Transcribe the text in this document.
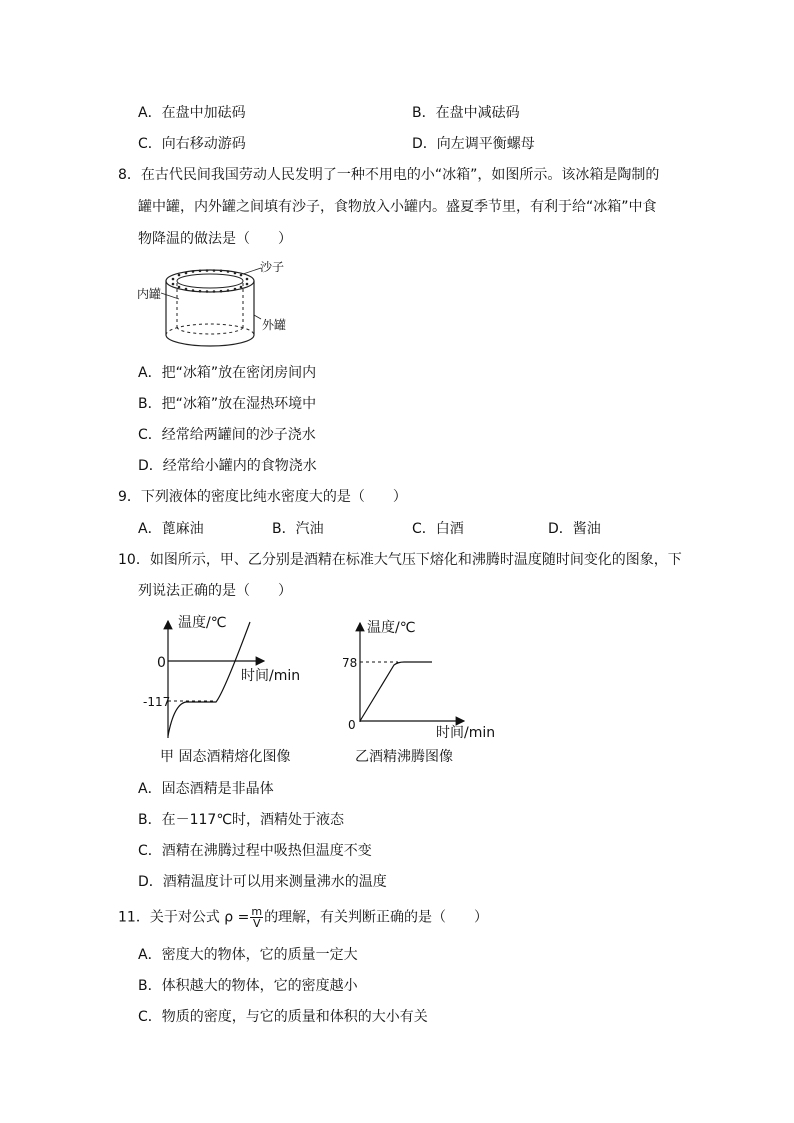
A．在盘中加砝码	B．在盘中减砝码
C．向右移动游码	D．向左调平衡螺母
8．在古代民间我国劳动人民发明了一种不用电的小“冰箱”，如图所示。该冰箱是陶制的
罐中罐，内外罐之间填有沙子，食物放入小罐内。盛夏季节里，有利于给“冰箱”中食
物降温的做法是（　　）
沙子
内罐
外罐
A．把“冰箱”放在密闭房间内
B．把“冰箱”放在湿热环境中
C．经常给两罐间的沙子浇水
D．经常给小罐内的食物浇水
9．下列液体的密度比纯水密度大的是（　　）
A．蓖麻油	B．汽油	C．白酒	D．酱油
10．如图所示，甲、乙分别是酒精在标准大气压下熔化和沸腾时温度随时间变化的图象，下
列说法正确的是（　　）
温度/℃
0
时间/min
-117
甲 固态酒精熔化图像
温度/℃
78
0	时间/min
乙酒精沸腾图像
A．固态酒精是非晶体
B．在－117℃时，酒精处于液态
C．酒精在沸腾过程中吸热但温度不变
D．酒精温度计可以用来测量沸水的温度
11．关于对公式 $\rho = \frac{m}{V}$ 的理解，有关判断正确的是（　　）
A．密度大的物体，它的质量一定大
B．体积越大的物体，它的密度越小
C．物质的密度，与它的质量和体积的大小有关
